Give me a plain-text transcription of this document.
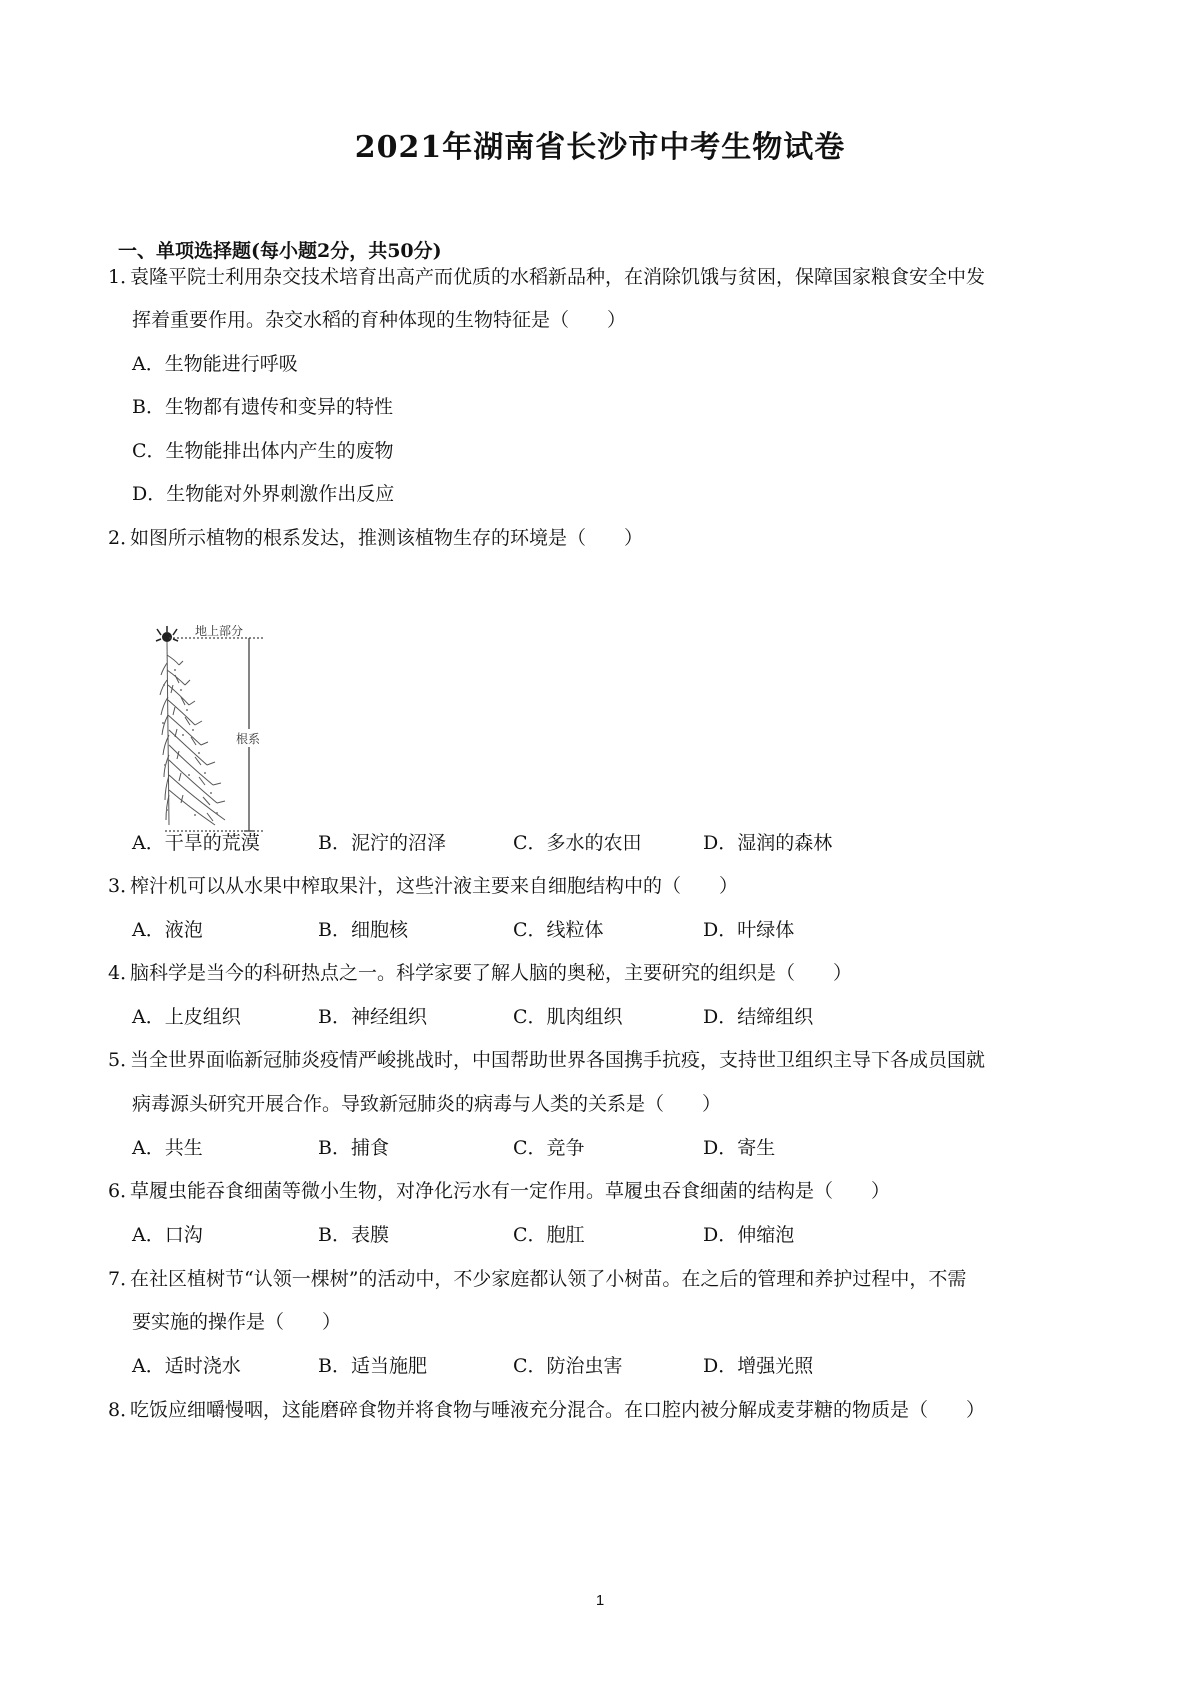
2021年湖南省长沙市中考生物试卷
一、单项选择题(每小题2分，共50分)
1．袁隆平院士利用杂交技术培育出高产而优质的水稻新品种，在消除饥饿与贫困，保障国家粮食安全中发
挥着重要作用。杂交水稻的育种体现的生物特征是（　　）
A．生物能进行呼吸
B．生物都有遗传和变异的特性
C．生物能排出体内产生的废物
D．生物能对外界刺激作出反应
2．如图所示植物的根系发达，推测该植物生存的环境是（　　）
地上部分
根系
A．干旱的荒漠	B．泥泞的沼泽	C．多水的农田	D．湿润的森林
3．榨汁机可以从水果中榨取果汁，这些汁液主要来自细胞结构中的（　　）
A．液泡	B．细胞核	C．线粒体	D．叶绿体
4．脑科学是当今的科研热点之一。科学家要了解人脑的奥秘，主要研究的组织是（　　）
A．上皮组织	B．神经组织	C．肌肉组织	D．结缔组织
5．当全世界面临新冠肺炎疫情严峻挑战时，中国帮助世界各国携手抗疫，支持世卫组织主导下各成员国就
病毒源头研究开展合作。导致新冠肺炎的病毒与人类的关系是（　　）
A．共生	B．捕食	C．竞争	D．寄生
6．草履虫能吞食细菌等微小生物，对净化污水有一定作用。草履虫吞食细菌的结构是（　　）
A．口沟	B．表膜	C．胞肛	D．伸缩泡
7．在社区植树节“认领一棵树”的活动中，不少家庭都认领了小树苗。在之后的管理和养护过程中，不需
要实施的操作是（　　）
A．适时浇水	B．适当施肥	C．防治虫害	D．增强光照
8．吃饭应细嚼慢咽，这能磨碎食物并将食物与唾液充分混合。在口腔内被分解成麦芽糖的物质是（　　）
1
